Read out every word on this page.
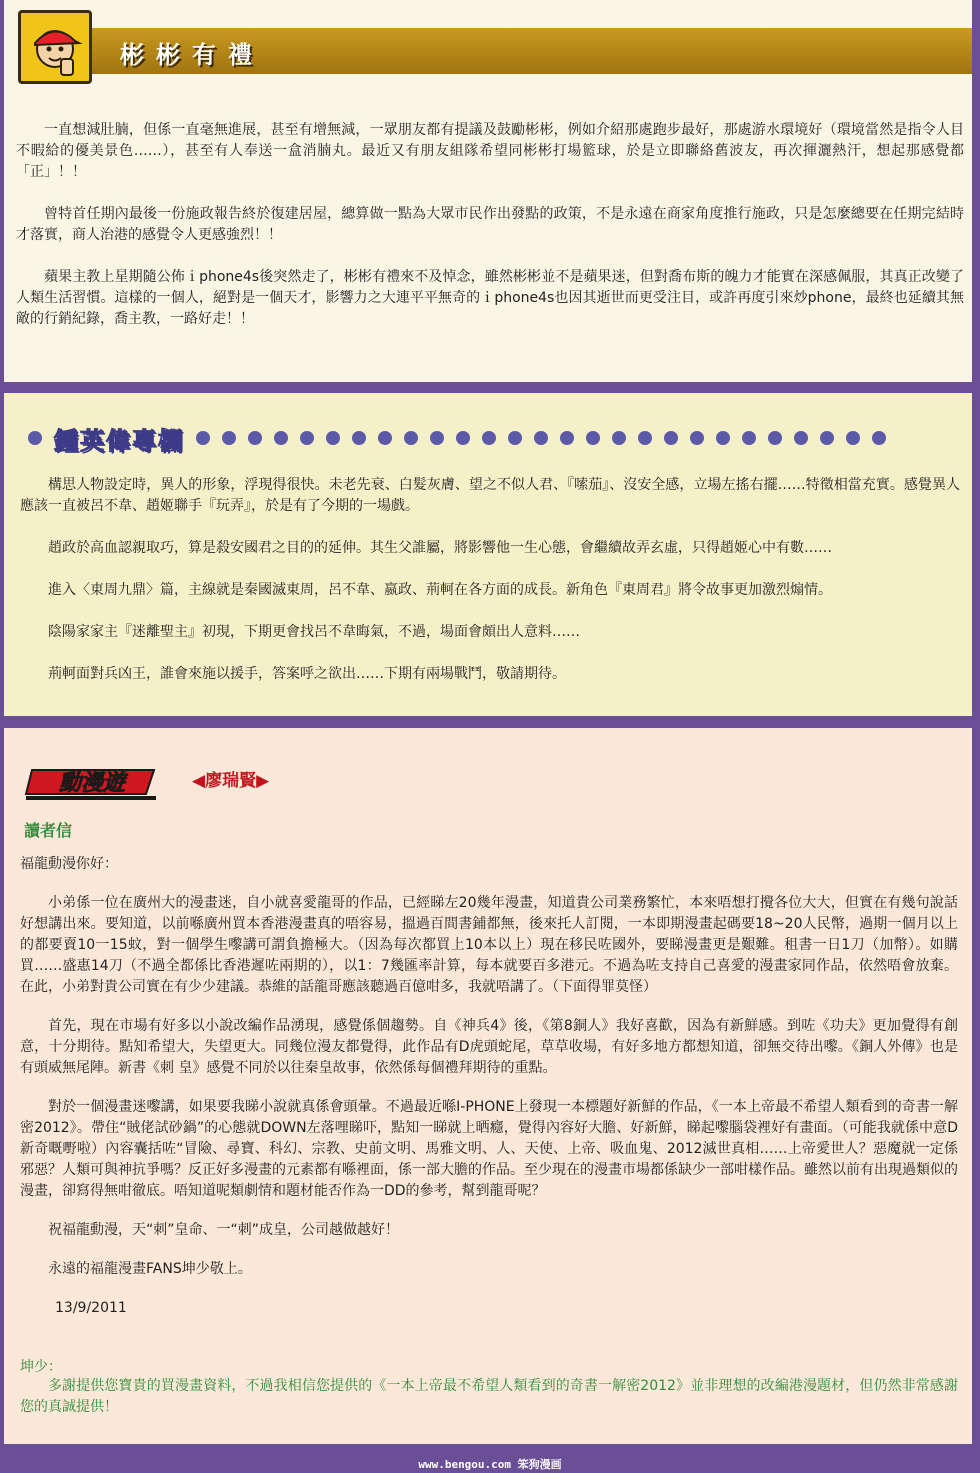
彬彬有禮

一直想減肚腩，但係一直毫無進展，甚至有增無減，一眾朋友都有提議及鼓勵彬彬，例如介紹那處跑步最好，那處游水環境好（環境當然是指令人目不暇給的優美景色……），甚至有人奉送一盒消腩丸。最近又有朋友組隊希望同彬彬打場籃球，於是立即聯絡舊波友，再次揮灑熱汗，想起那感覺都「正」！！

曾特首任期內最後一份施政報告終於復建居屋，總算做一點為大眾市民作出發點的政策，不是永遠在商家角度推行施政，只是怎麼總要在任期完結時才落實，商人治港的感覺令人更感強烈！！

蘋果主教上星期隨公佈ｉphone4s後突然走了，彬彬有禮來不及悼念，雖然彬彬並不是蘋果迷，但對喬布斯的魄力才能實在深感佩服，其真正改變了人類生活習慣。這樣的一個人，絕對是一個天才，影響力之大連平平無奇的ｉphone4s也因其逝世而更受注目，或許再度引來炒phone，最終也延續其無敵的行銷紀錄，喬主教，一路好走！！

鍾英偉專欄

構思人物設定時，異人的形象，浮現得很快。未老先衰、白髮灰膚、望之不似人君、『嗦茄』、沒安全感，立場左搖右擺……特徵相當充實。感覺異人應該一直被呂不韋、趙姬聯手『玩弄』，於是有了今期的一場戲。

趙政於高血認親取巧，算是殺安國君之目的的延伸。其生父誰屬，將影響他一生心態，會繼續故弄玄虛，只得趙姬心中有數……

進入〈東周九鼎〉篇，主線就是秦國滅東周，呂不韋、嬴政、荊軻在各方面的成長。新角色『東周君』將令故事更加激烈煽情。

陰陽家家主『迷離聖主』初現，下期更會找呂不韋晦氣，不過，場面會頗出人意料……

荊軻面對兵凶王，誰會來施以援手，答案呼之欲出……下期有兩場戰鬥，敬請期待。

動漫遊	◀廖瑞賢▶
讀者信

福龍動漫你好：

小弟係一位在廣州大的漫畫迷，自小就喜愛龍哥的作品，已經睇左20幾年漫畫，知道貴公司業務繁忙，本來唔想打攪各位大大，但實在有幾句說話好想講出來。要知道，以前喺廣州買本香港漫畫真的唔容易，搵過百間書鋪都無，後來托人訂閱，一本即期漫畫起碼要18~20人民幣，過期一個月以上的都要賣10一15蚊，對一個學生嚟講可謂負擔極大。（因為每次都買上10本以上）現在移民咗國外，要睇漫畫更是艱難。租書一日1刀（加幣）。如購買……盛惠14刀（不過全都係比香港遲咗兩期的），以1：7幾匯率計算，每本就要百多港元。不過為咗支持自己喜愛的漫畫家同作品，依然唔會放棄。在此，小弟對貴公司實在有少少建議。恭維的話龍哥應該聽過百億咁多，我就唔講了。（下面得罪莫怪）

首先，現在市場有好多以小說改編作品湧現，感覺係個趨勢。自《神兵4》後，《第8銅人》我好喜歡，因為有新鮮感。到咗《功夫》更加覺得有創意，十分期待。點知希望大，失望更大。同幾位漫友都覺得，此作品有D虎頭蛇尾，草草收場，有好多地方都想知道，卻無交待出嚟。《銅人外傳》也是有頭威無尾陣。新書《刺 皇》感覺不同於以往秦皇故事，依然係每個禮拜期待的重點。

對於一個漫畫迷嚟講，如果要我睇小說就真係會頭暈。不過最近喺I-PHONE上發現一本標題好新鮮的作品，《一本上帝最不希望人類看到的奇書一解密2012》。帶住“賊佬試砂鍋”的心態就DOWN左落哩睇吓，點知一睇就上晒癮，覺得內容好大膽、好新鮮，睇起嚟腦袋裡好有畫面。（可能我就係中意D新奇嘅嘢啦）內容囊括咗“冒險、尋寶、科幻、宗教、史前文明、馬雅文明、人、天使、上帝、吸血鬼、2012滅世真相……上帝愛世人？惡魔就一定係邪惡？人類可與神抗爭嗎？反正好多漫畫的元素都有喺裡面，係一部大膽的作品。至少現在的漫畫市場都係缺少一部咁樣作品。雖然以前有出現過類似的漫畫，卻寫得無咁徹底。唔知道呢類劇情和題材能否作為一DD的參考，幫到龍哥呢？

祝福龍動漫，天“刺”皇命、一“刺”成皇，公司越做越好！

永遠的福龍漫畫FANS坤少敬上。

13/9/2011

坤少：

多謝提供您寶貴的買漫畫資料，不過我相信您提供的《一本上帝最不希望人類看到的奇書一解密2012》並非理想的改編港漫題材，但仍然非常感謝您的真誠提供！

www.bengou.com 笨狗漫画
